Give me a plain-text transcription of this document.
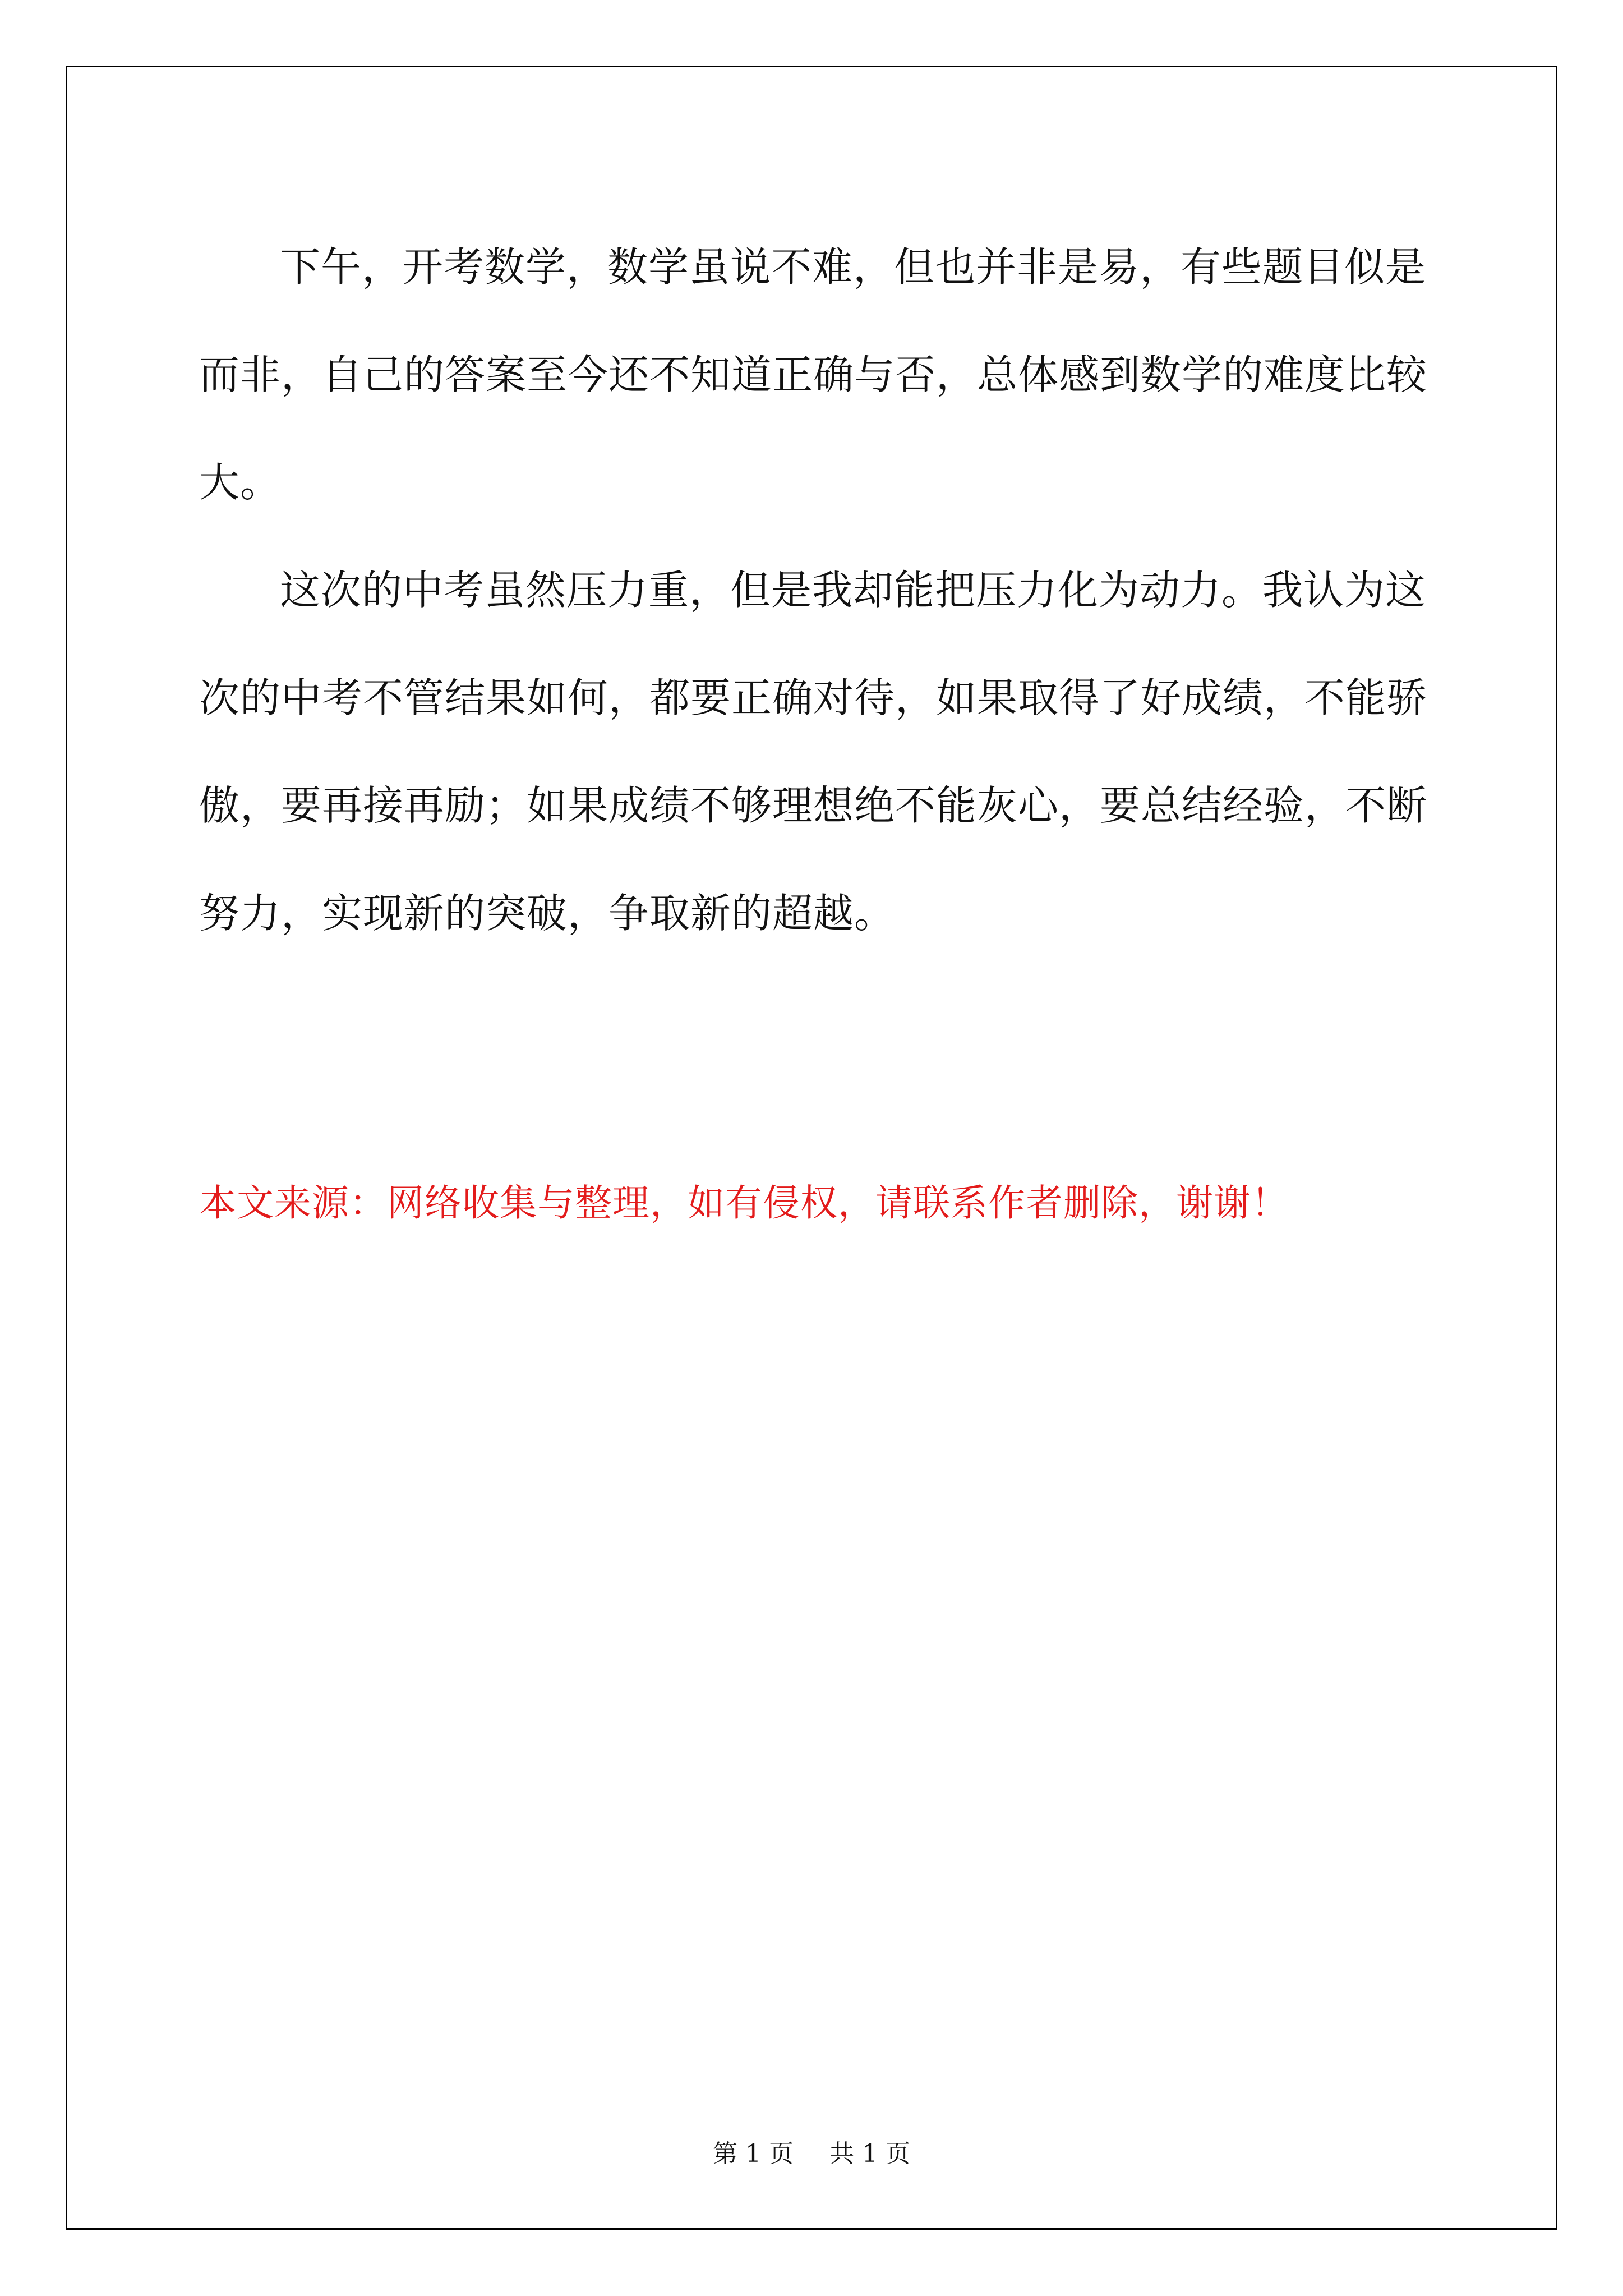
下午，开考数学，数学虽说不难，但也并非是易，有些题目似是而非，自己的答案至今还不知道正确与否，总体感到数学的难度比较大。

这次的中考虽然压力重，但是我却能把压力化为动力。我认为这次的中考不管结果如何，都要正确对待，如果取得了好成绩，不能骄傲，要再接再励；如果成绩不够理想绝不能灰心，要总结经验，不断努力，实现新的突破，争取新的超越。

本文来源：网络收集与整理，如有侵权，请联系作者删除，谢谢！

第 1 页 共 1 页
